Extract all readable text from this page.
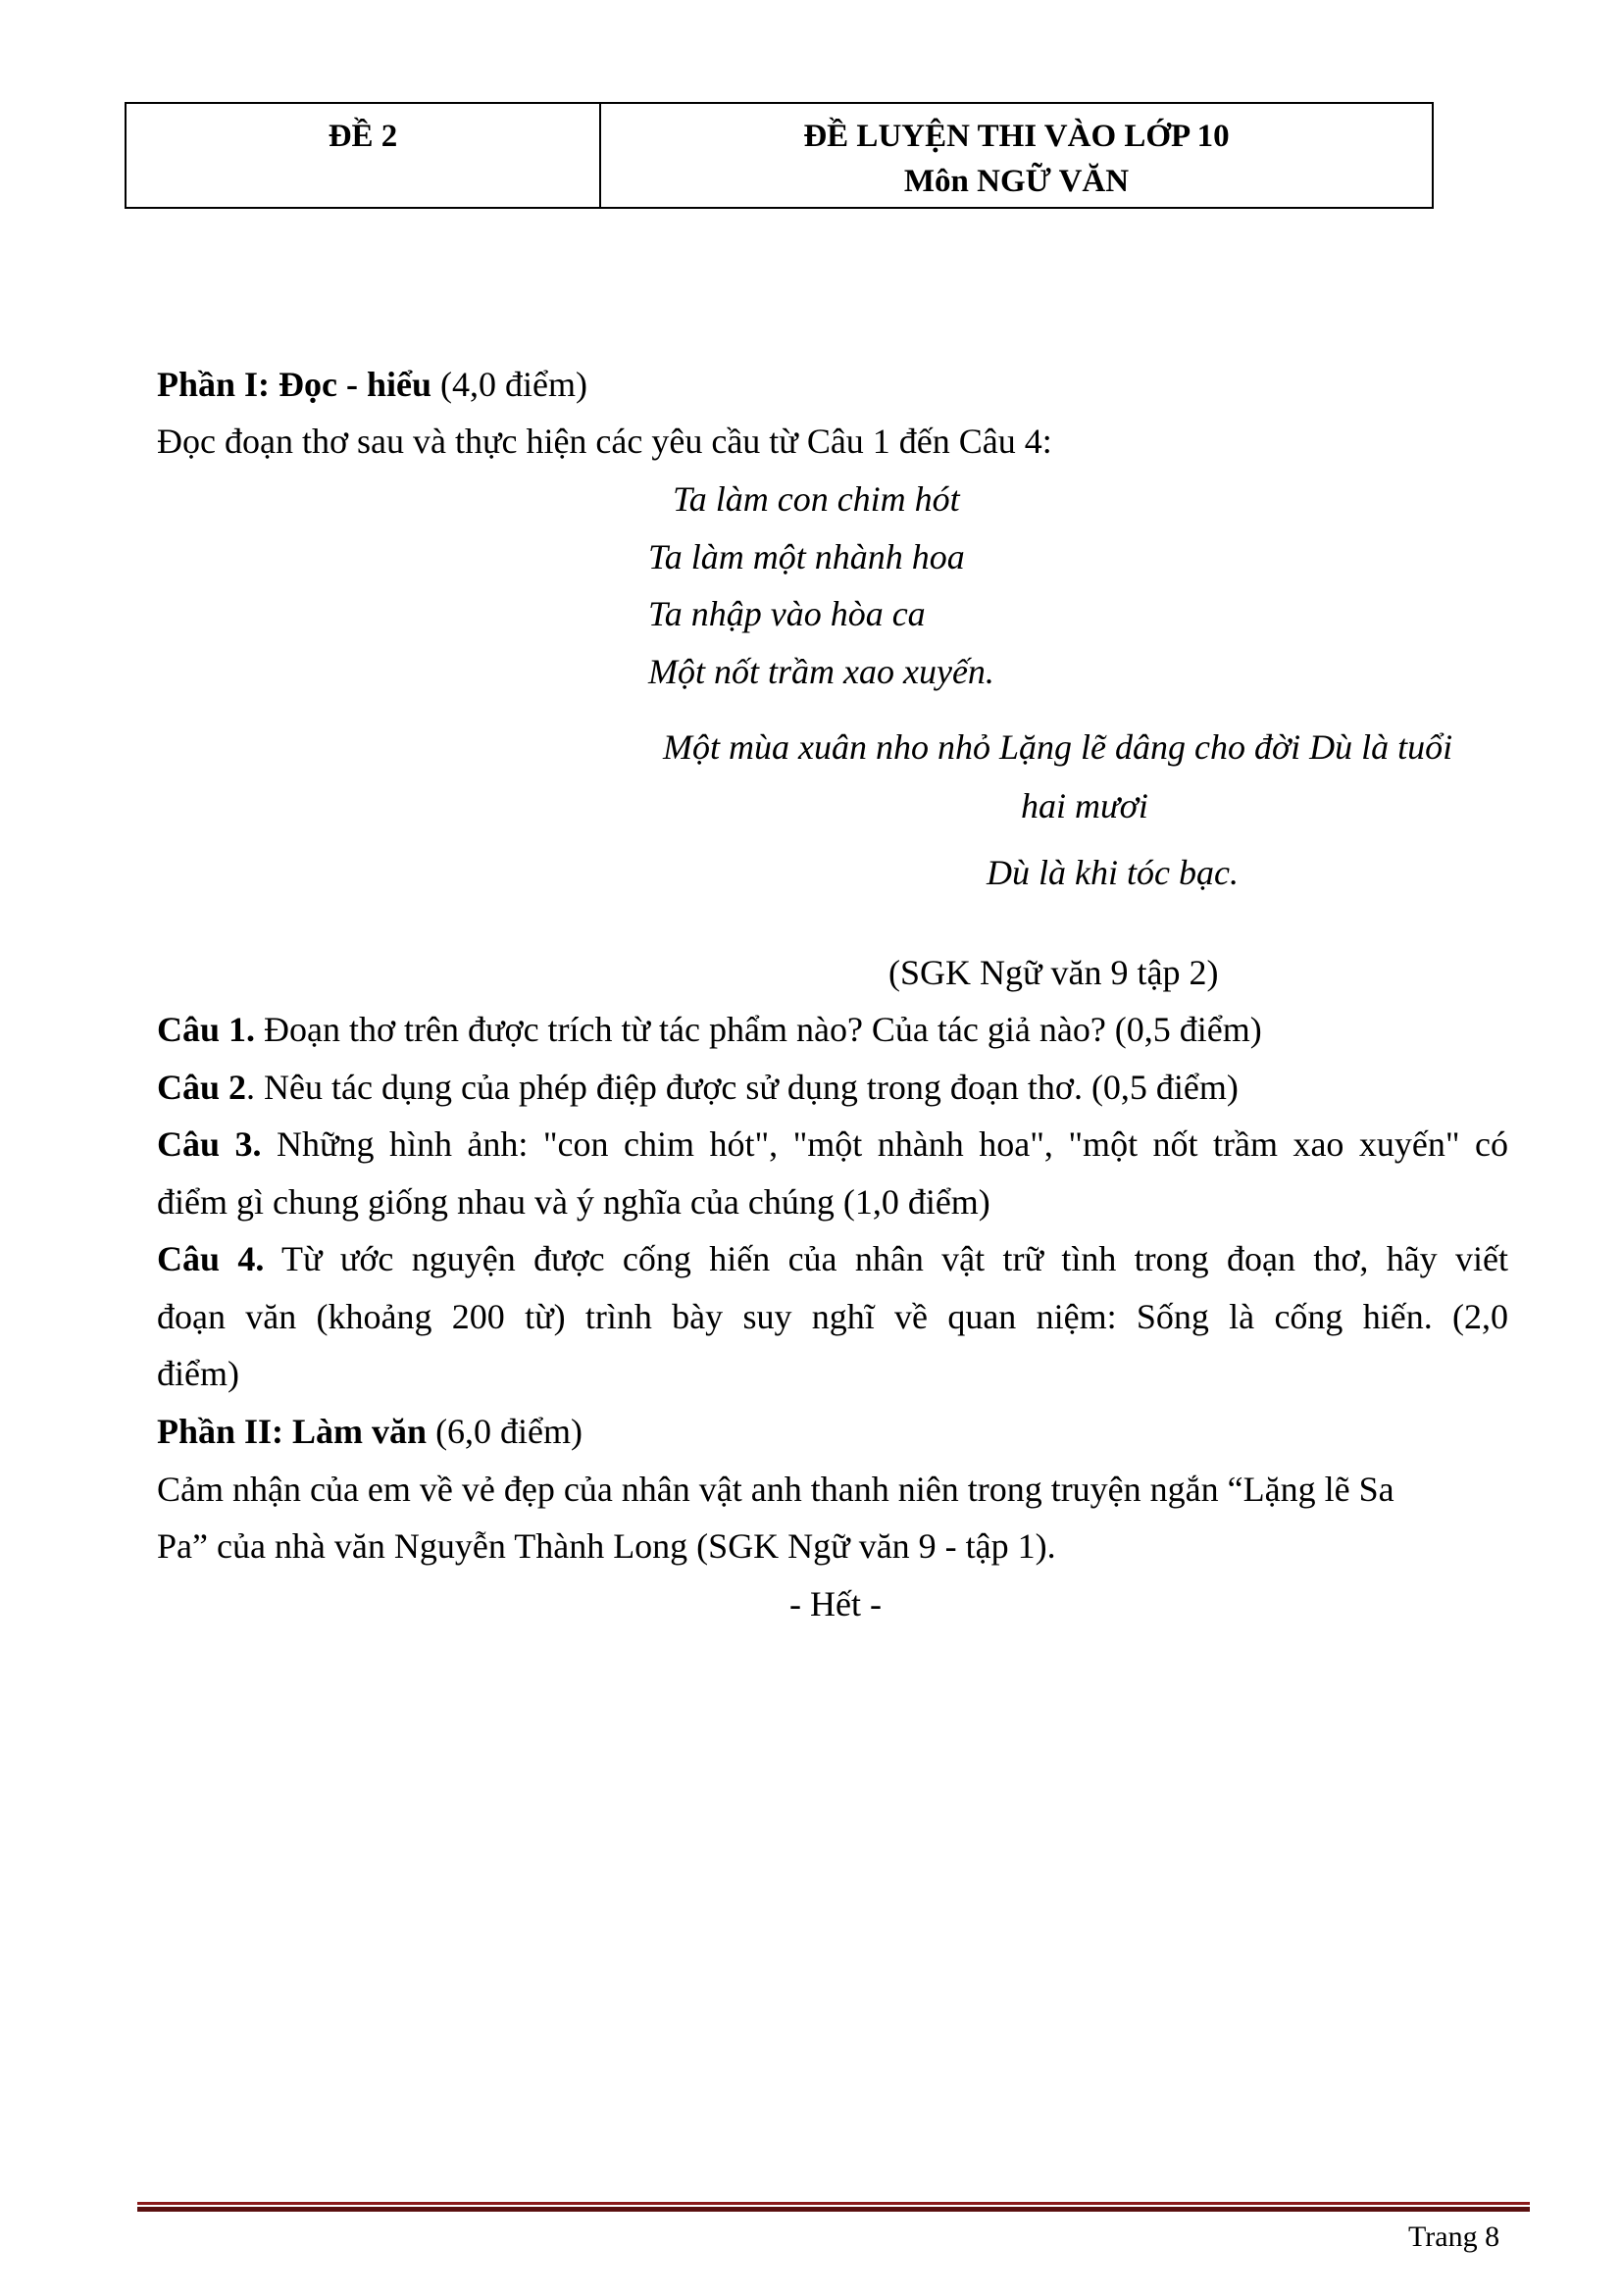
ĐỀ 2	ĐỀ LUYỆN THI VÀO LỚP 10
Môn NGỮ VĂN
Phần I: Đọc - hiểu (4,0 điểm)
Đọc đoạn thơ sau và thực hiện các yêu cầu từ Câu 1 đến Câu 4:
Ta làm con chim hót
Ta làm một nhành hoa
Ta nhập vào hòa ca
Một nốt trầm xao xuyến.
Một mùa xuân nho nhỏ Lặng lẽ dâng cho đời Dù là tuổi
hai mươi
Dù là khi tóc bạc.
(SGK Ngữ văn 9 tập 2)
Câu 1. Đoạn thơ trên được trích từ tác phẩm nào? Của tác giả nào? (0,5 điểm)
Câu 2. Nêu tác dụng của phép điệp được sử dụng trong đoạn thơ. (0,5 điểm)
Câu 3. Những hình ảnh: "con chim hót", "một nhành hoa", "một nốt trầm xao xuyến" có
điểm gì chung giống nhau và ý nghĩa của chúng (1,0 điểm)
Câu 4. Từ ước nguyện được cống hiến của nhân vật trữ tình trong đoạn thơ, hãy viết
đoạn văn (khoảng 200 từ) trình bày suy nghĩ về quan niệm: Sống là cống hiến. (2,0
điểm)
Phần II: Làm văn (6,0 điểm)
Cảm nhận của em về vẻ đẹp của nhân vật anh thanh niên trong truyện ngắn “Lặng lẽ Sa
Pa” của nhà văn Nguyễn Thành Long (SGK Ngữ văn 9 - tập 1).
- Hết -
Trang 8
